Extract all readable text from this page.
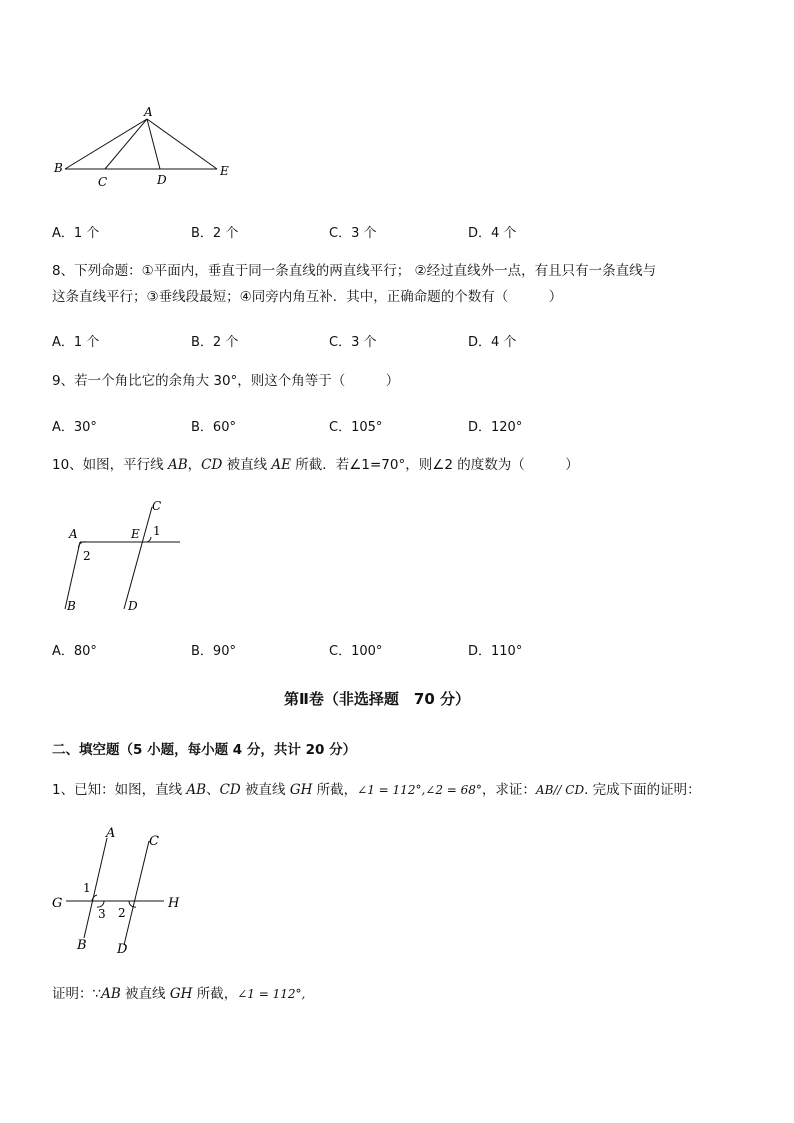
A
B
C	D
E
A．1 个	B．2 个	C．3 个	D．4 个
8、下列命题：①平面内，垂直于同一条直线的两直线平行； ②经过直线外一点，有且只有一条直线与
这条直线平行；③垂线段最短；④同旁内角互补．其中，正确命题的个数有（　　　）
A．1 个	B．2 个	C．3 个	D．4 个
9、若一个角比它的余角大 30°，则这个角等于（　　　）
A．30°	B．60°	C．105°	D．120°
10、如图，平行线 AB，CD 被直线 AE 所截．若∠1=70°，则∠2 的度数为（　　　）
A	E
C
1
2
B	D
A．80°	B．90°	C．100°	D．110°
第Ⅱ卷（非选择题　70 分）
二、填空题（5 小题，每小题 4 分，共计 20 分）
1、已知：如图，直线 AB、CD 被直线 GH 所截，∠1 = 112°,∠2 = 68°，求证：AB// CD. 完成下面的证明：
A
C
G	H
1
3 2
B D
证明：∵AB 被直线 GH 所截，∠1 = 112°,
